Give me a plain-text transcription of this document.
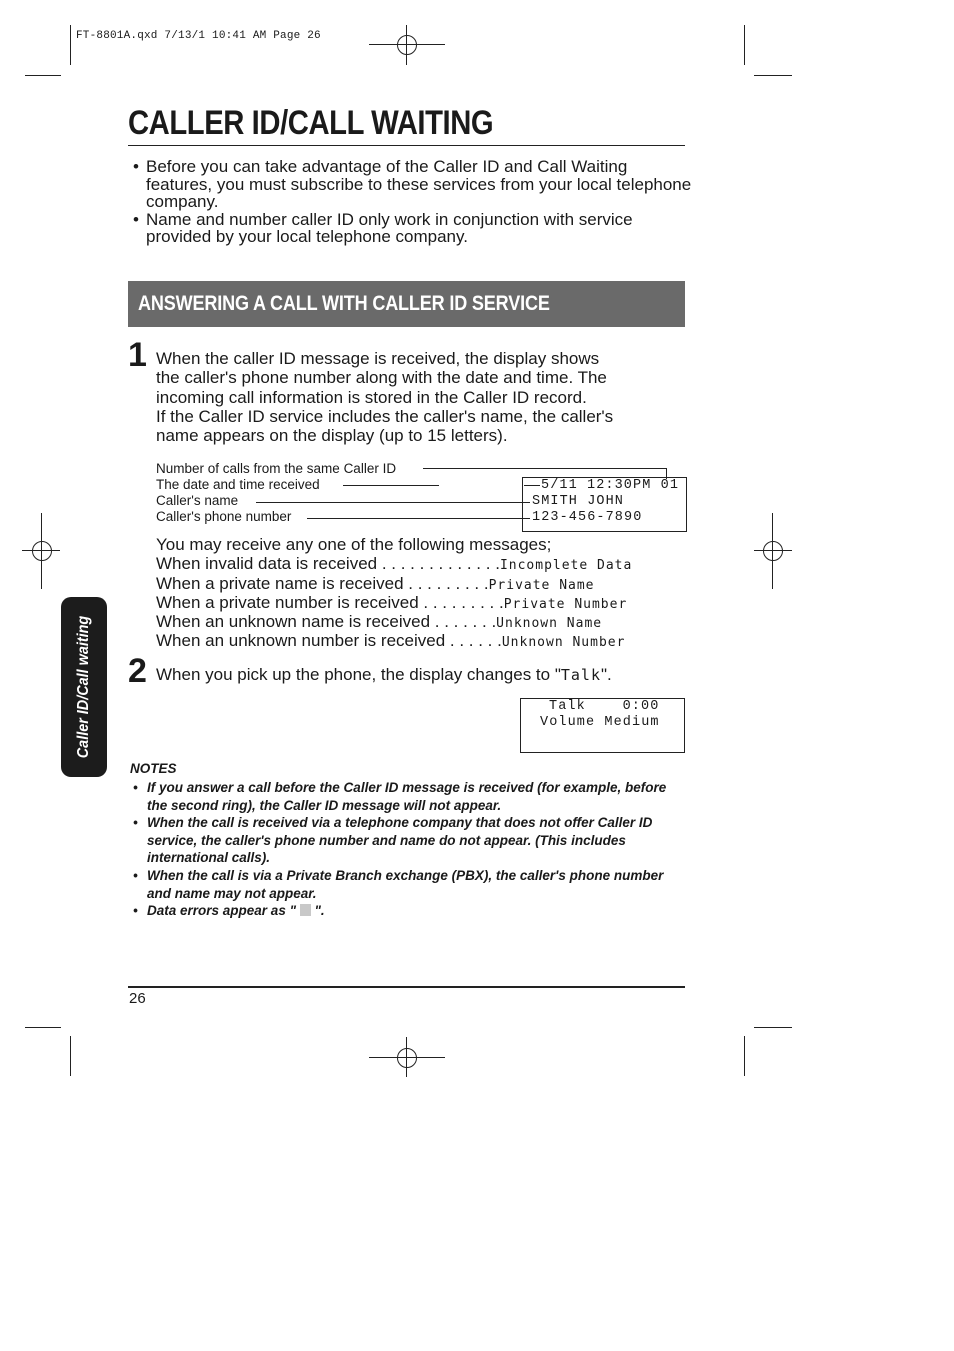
FT-8801A.qxd 7/13/1 10:41 AM Page 26
CALLER ID/CALL WAITING
• Before you can take advantage of the Caller ID and Call Waiting features, you must subscribe to these services from your local telephone company.
• Name and number caller ID only work in conjunction with service provided by your local telephone company.
ANSWERING A CALL WITH CALLER ID SERVICE
1 When the caller ID message is received, the display shows
the caller's phone number along with the date and time. The
incoming call information is stored in the Caller ID record.
If the Caller ID service includes the caller's name, the caller's
name appears on the display (up to 15 letters).
Number of calls from the same Caller ID
The date and time received
Caller's name
Caller's phone number
5/11 12:30PM 01
SMITH JOHN
123-456-7890
You may receive any one of the following messages;
When invalid data is received . . . . . . . . . . . . .Incomplete Data
When a private name is received . . . . . . . . .Private Name
When a private number is received . . . . . . . . .Private Number
When an unknown name is received . . . . . . .Unknown Name
When an unknown number is received . . . . . .Unknown Number
2 When you pick up the phone, the display changes to "Talk".
Talk    0:00
Volume Medium
NOTES
• If you answer a call before the Caller ID message is received (for example, before the second ring), the Caller ID message will not appear.
• When the call is received via a telephone company that does not offer Caller ID service, the caller's phone number and name do not appear. (This includes international calls).
• When the call is via a Private Branch exchange (PBX), the caller's phone number and name may not appear.
• Data errors appear as "  ".
Caller ID/Call waiting
26
